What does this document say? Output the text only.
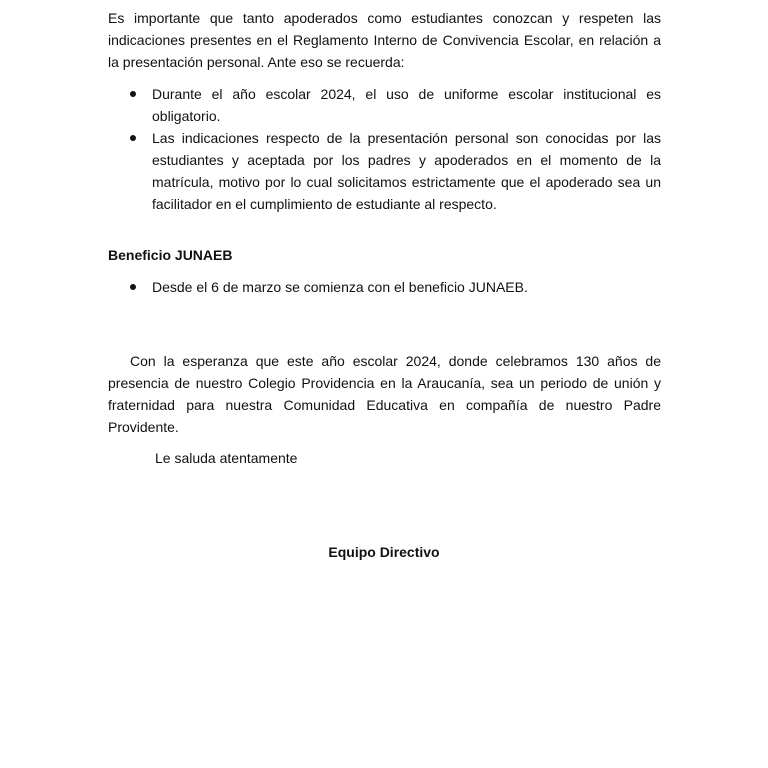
Es importante que tanto apoderados como estudiantes conozcan y respeten las indicaciones presentes en el Reglamento Interno de Convivencia Escolar, en relación a la presentación personal. Ante eso se recuerda:

Durante el año escolar 2024, el uso de uniforme escolar institucional es obligatorio.
Las indicaciones respecto de la presentación personal son conocidas por las estudiantes y aceptada por los padres y apoderados en el momento de la matrícula, motivo por lo cual solicitamos estrictamente que el apoderado sea un facilitador en el cumplimiento de estudiante al respecto.
Beneficio JUNAEB
Desde el 6 de marzo se comienza con el beneficio JUNAEB.

Con la esperanza que este año escolar 2024, donde celebramos 130 años de presencia de nuestro Colegio Providencia en la Araucanía, sea un periodo de unión y fraternidad para nuestra Comunidad Educativa en compañía de nuestro Padre Providente.

Le saluda atentamente
Equipo Directivo
